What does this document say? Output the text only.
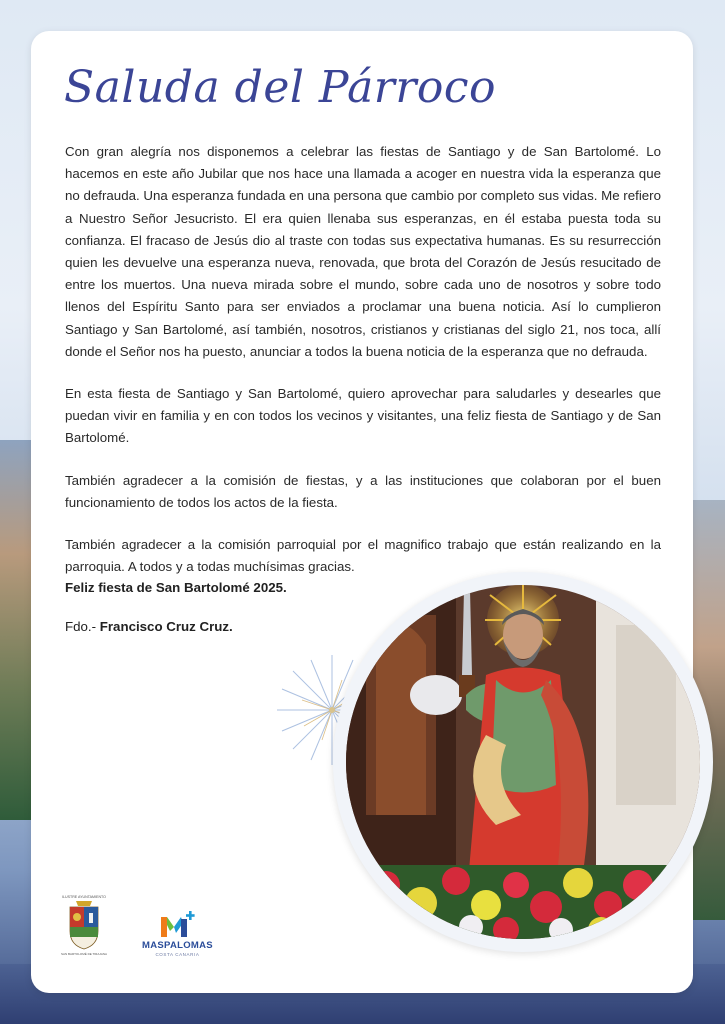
Saluda del Párroco

Con gran alegría nos disponemos a celebrar las fiestas de Santiago y de San Bartolomé. Lo hacemos en este año Jubilar que nos hace una llamada a acoger en nuestra vida la esperanza que no defrauda. Una esperanza fundada en una persona que cambio por completo sus vidas. Me refiero a Nuestro Señor Jesucristo. El era quien llenaba sus esperanzas, en él estaba puesta toda su confianza. El fracaso de Jesús dio al traste con todas sus expectativa humanas. Es su resurrección quien les devuelve una esperanza nueva, renovada, que brota del Corazón de Jesús resucitado de entre los muertos. Una nueva mirada sobre el mundo, sobre cada uno de nosotros y sobre todo llenos del Espíritu Santo para ser enviados a proclamar una buena noticia. Así lo cumplieron Santiago y San Bartolomé, así también, nosotros, cristianos y cristianas del siglo 21, nos toca, allí donde el Señor nos ha puesto, anunciar a todos la buena noticia de la esperanza que no defrauda.

En esta fiesta de Santiago y San Bartolomé, quiero aprovechar para saludarles y desearles que puedan vivir en familia y en con todos los vecinos y visitantes, una feliz fiesta de Santiago y de San Bartolomé.

También agradecer a la comisión de fiestas, y a las instituciones que colaboran por el buen funcionamiento de todos los actos de la fiesta.

También agradecer a la comisión parroquial por el magnifico trabajo que están realizando en la parroquia. A todos y a todas muchísimas gracias.

Feliz fiesta de San Bartolomé 2025.

Fdo.- Francisco Cruz Cruz.

ILUSTRE AYUNTAMIENTO
SAN BARTOLOMÉ DE TIRAJANA
MASPALOMAS
COSTA CANARIA
